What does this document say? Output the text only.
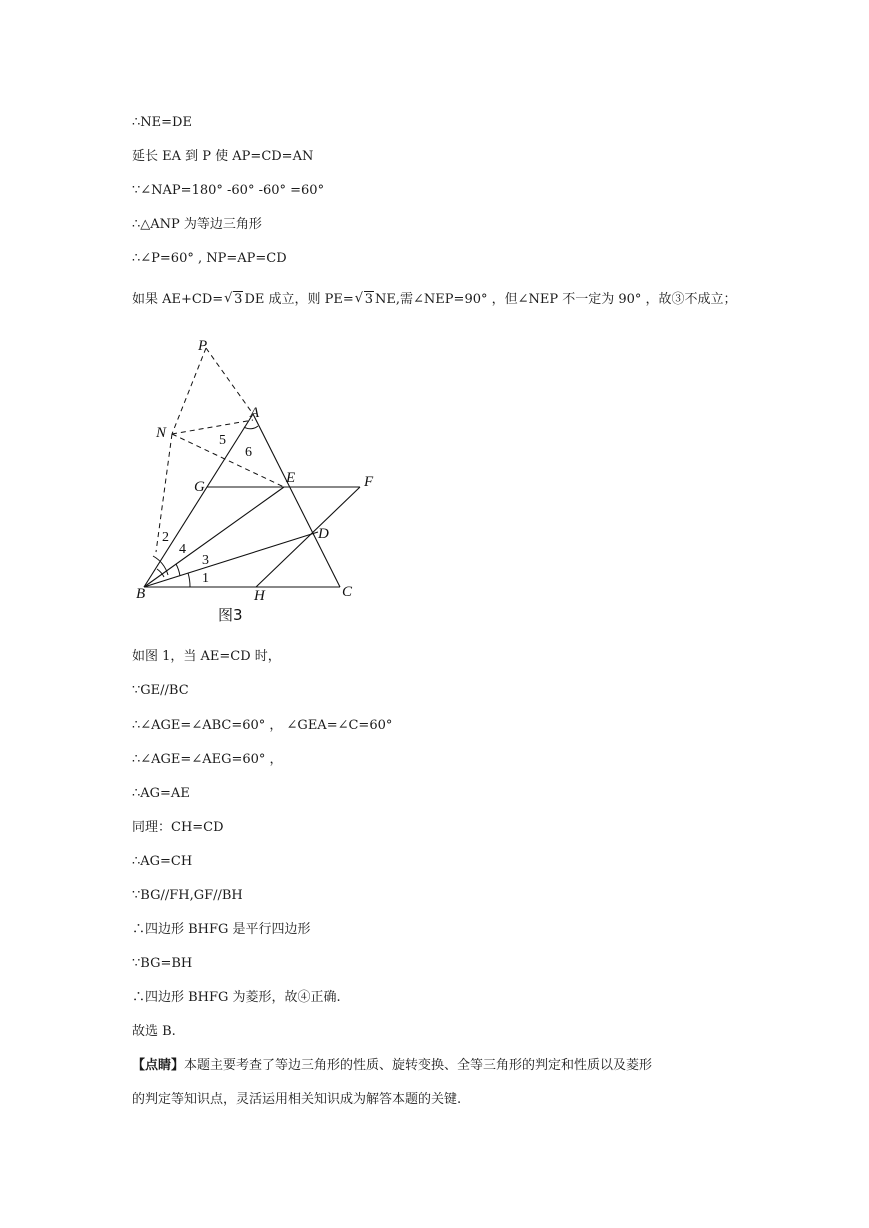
∴NE=DE
延长 EA 到 P 使 AP=CD=AN
∵∠NAP=180° -60° -60° =60°
∴△ANP 为等边三角形
∴∠P=60° , NP=AP=CD
如果 AE+CD= √ 3 DE 成立，则 PE= √ 3 NE,需∠NEP=90° ，但∠NEP 不一定为 90° ，故③不成立；
P
A
N
G
E	F
D
B	H	C
1
2
3
4
5
6
图3
如图 1，当 AE=CD 时，
∵GE//BC
∴∠AGE=∠ABC=60° ， ∠GEA=∠C=60°
∴∠AGE=∠AEG=60° ，
∴AG=AE
同理：CH=CD
∴AG=CH
∵BG//FH,GF//BH
∴四边形 BHFG 是平行四边形
∵BG=BH
∴四边形 BHFG 为菱形，故④正确.
故选 B.
【点睛】本题主要考查了等边三角形的性质、旋转变换、全等三角形的判定和性质以及菱形
的判定等知识点，灵活运用相关知识成为解答本题的关键.
